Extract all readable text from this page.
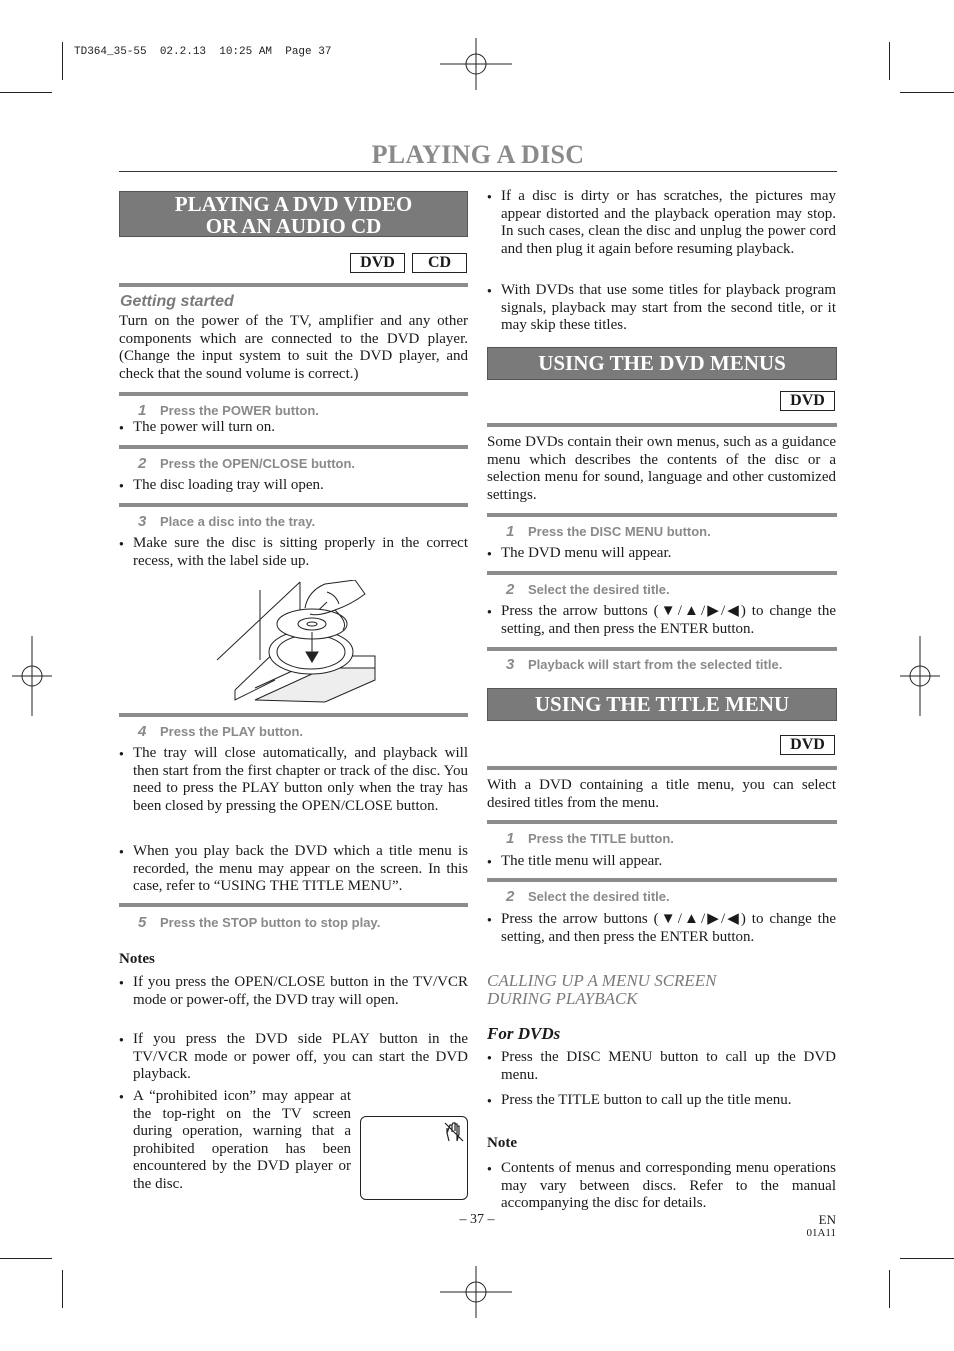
TD364_35-55  02.2.13  10:25 AM  Page 37
PLAYING A DISC
PLAYING A DVD VIDEO
OR AN AUDIO CD
DVD	CD
Getting started
Turn on the power of the TV, amplifier and any other components which are connected to the DVD player. (Change the input system to suit the DVD player, and check that the sound volume is correct.)
1 Press the POWER button.
● The power will turn on.
2 Press the OPEN/CLOSE button.
● The disc loading tray will open.
3 Place a disc into the tray.
● Make sure the disc is sitting properly in the correct recess, with the label side up.
4 Press the PLAY button.
● The tray will close automatically, and playback will then start from the first chapter or track of the disc. You need to press the PLAY button only when the tray has been closed by pressing the OPEN/CLOSE button.
● When you play back the DVD which a title menu is recorded, the menu may appear on the screen. In this case, refer to “USING THE TITLE MENU”.
5 Press the STOP button to stop play.
Notes
● If you press the OPEN/CLOSE button in the TV/VCR mode or power-off, the DVD tray will open.
● If you press the DVD side PLAY button in the TV/VCR mode or power off, you can start the DVD playback.
● A “prohibited icon” may appear at the top-right on the TV screen during operation, warning that a prohibited operation has been encountered by the DVD player or the disc.
● If a disc is dirty or has scratches, the pictures may appear distorted and the playback operation may stop. In such cases, clean the disc and unplug the power cord and then plug it again before resuming playback.
● With DVDs that use some titles for playback program signals, playback may start from the second title, or it may skip these titles.
USING THE DVD MENUS
DVD
Some DVDs contain their own menus, such as a guidance menu which describes the contents of the disc or a selection menu for sound, language and other customized settings.
1 Press the DISC MENU button.
● The DVD menu will appear.
2 Select the desired title.
● Press the arrow buttons (▼/▲/▶/◀) to change the setting, and then press the ENTER button.
3 Playback will start from the selected title.
USING THE TITLE MENU
DVD
With a DVD containing a title menu, you can select desired titles from the menu.
1 Press the TITLE button.
● The title menu will appear.
2 Select the desired title.
● Press the arrow buttons (▼/▲/▶/◀) to change the setting, and then press the ENTER button.
CALLING UP A MENU SCREEN
DURING PLAYBACK
For DVDs
● Press the DISC MENU button to call up the DVD menu.
● Press the TITLE button to call up the title menu.
Note
● Contents of menus and corresponding menu operations may vary between discs. Refer to the manual accompanying the disc for details.
– 37 –	EN
01A11
